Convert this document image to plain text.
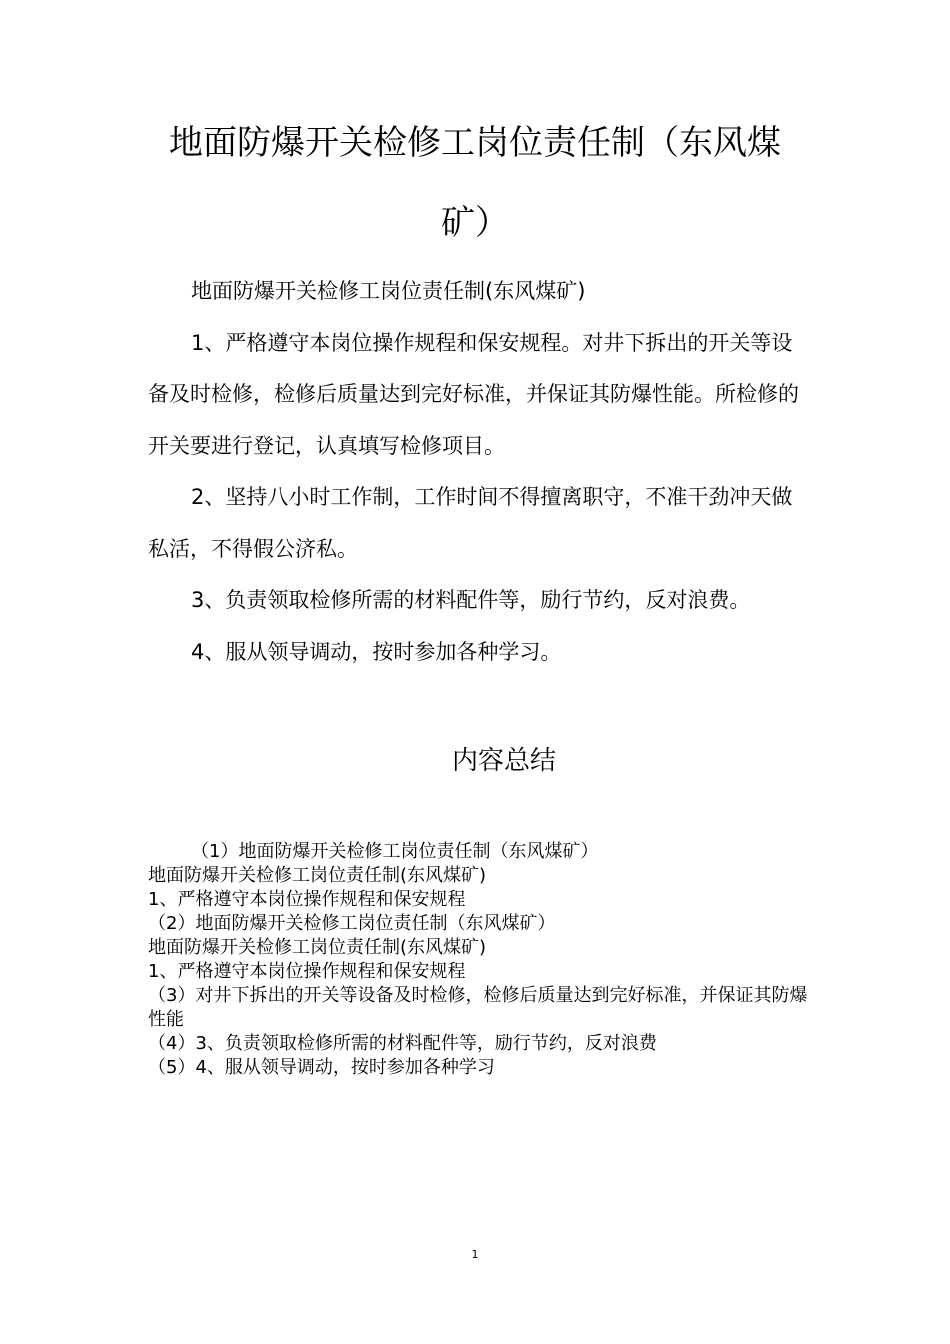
地面防爆开关检修工岗位责任制（东风煤矿）

地面防爆开关检修工岗位责任制(东风煤矿)

1、严格遵守本岗位操作规程和保安规程。对井下拆出的开关等设备及时检修，检修后质量达到完好标准，并保证其防爆性能。所检修的开关要进行登记，认真填写检修项目。

2、坚持八小时工作制，工作时间不得擅离职守，不准干劲冲天做私活，不得假公济私。

3、负责领取检修所需的材料配件等，励行节约，反对浪费。

4、服从领导调动，按时参加各种学习。

内容总结
（1）地面防爆开关检修工岗位责任制（东风煤矿）
地面防爆开关检修工岗位责任制(东风煤矿)
1、严格遵守本岗位操作规程和保安规程
（2）地面防爆开关检修工岗位责任制（东风煤矿）
地面防爆开关检修工岗位责任制(东风煤矿)
1、严格遵守本岗位操作规程和保安规程
（3）对井下拆出的开关等设备及时检修，检修后质量达到完好标准，并保证其防爆性能
（4）3、负责领取检修所需的材料配件等，励行节约，反对浪费
（5）4、服从领导调动，按时参加各种学习
1
